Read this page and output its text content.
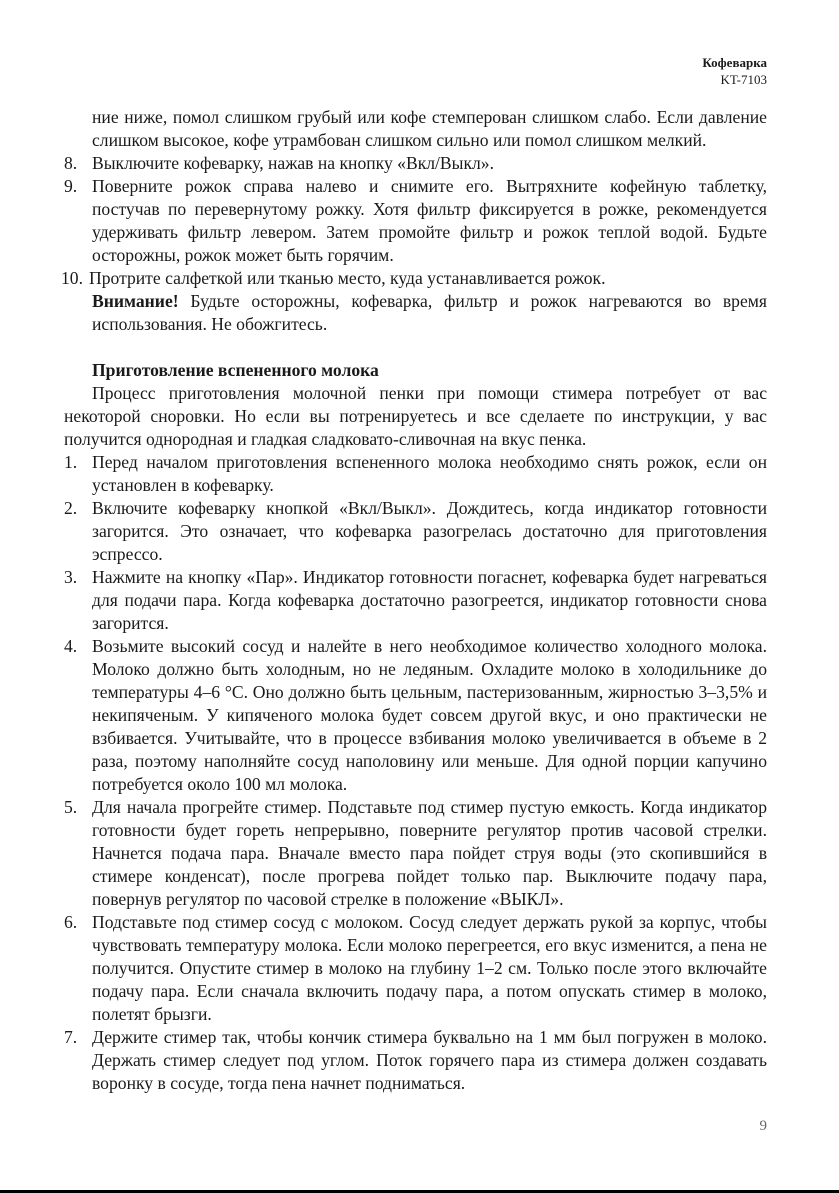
Кофеварка
KT-7103

ние ниже, помол слишком грубый или кофе стемперован слишком слабо. Если давление слишком высокое, кофе утрамбован слишком сильно или помол слишком мелкий.

8. Выключите кофеварку, нажав на кнопку «Вкл/Выкл».
9. Поверните рожок справа налево и снимите его. Вытряхните кофейную таблетку, постучав по перевернутому рожку. Хотя фильтр фиксируется в рожке, рекомендуется удерживать фильтр левером. Затем промойте фильтр и рожок теплой водой. Будьте осторожны, рожок может быть горячим.
10. Протрите салфеткой или тканью место, куда устанавливается рожок.

Внимание! Будьте осторожны, кофеварка, фильтр и рожок нагреваются во время использования. Не обожгитесь.

Приготовление вспененного молока

Процесс приготовления молочной пенки при помощи стимера потребует от вас некоторой сноровки. Но если вы потренируетесь и все сделаете по инструкции, у вас получится однородная и гладкая сладковато-сливочная на вкус пенка.

1. Перед началом приготовления вспененного молока необходимо снять рожок, если он установлен в кофеварку.
2. Включите кофеварку кнопкой «Вкл/Выкл». Дождитесь, когда индикатор готовности загорится. Это означает, что кофеварка разогрелась достаточно для приготовления эспрессо.
3. Нажмите на кнопку «Пар». Индикатор готовности погаснет, кофеварка будет нагреваться для подачи пара. Когда кофеварка достаточно разогреется, индикатор готовности снова загорится.
4. Возьмите высокий сосуд и налейте в него необходимое количество холодного молока. Молоко должно быть холодным, но не ледяным. Охладите молоко в холодильнике до температуры 4–6 °С. Оно должно быть цельным, пастеризованным, жирностью 3–3,5% и некипяченым. У кипяченого молока будет совсем другой вкус, и оно практически не взбивается. Учитывайте, что в процессе взбивания молоко увеличивается в объеме в 2 раза, поэтому наполняйте сосуд наполовину или меньше. Для одной порции капучино потребуется около 100 мл молока.
5. Для начала прогрейте стимер. Подставьте под стимер пустую емкость. Когда индикатор готовности будет гореть непрерывно, поверните регулятор против часовой стрелки. Начнется подача пара. Вначале вместо пара пойдет струя воды (это скопившийся в стимере конденсат), после прогрева пойдет только пар. Выключите подачу пара, повернув регулятор по часовой стрелке в положение «ВЫКЛ».
6. Подставьте под стимер сосуд с молоком. Сосуд следует держать рукой за корпус, чтобы чувствовать температуру молока. Если молоко перегреется, его вкус изменится, а пена не получится. Опустите стимер в молоко на глубину 1–2 см. Только после этого включайте подачу пара. Если сначала включить подачу пара, а потом опускать стимер в молоко, полетят брызги.
7. Держите стимер так, чтобы кончик стимера буквально на 1 мм был погружен в молоко. Держать стимер следует под углом. Поток горячего пара из стимера должен создавать воронку в сосуде, тогда пена начнет подниматься.
9
